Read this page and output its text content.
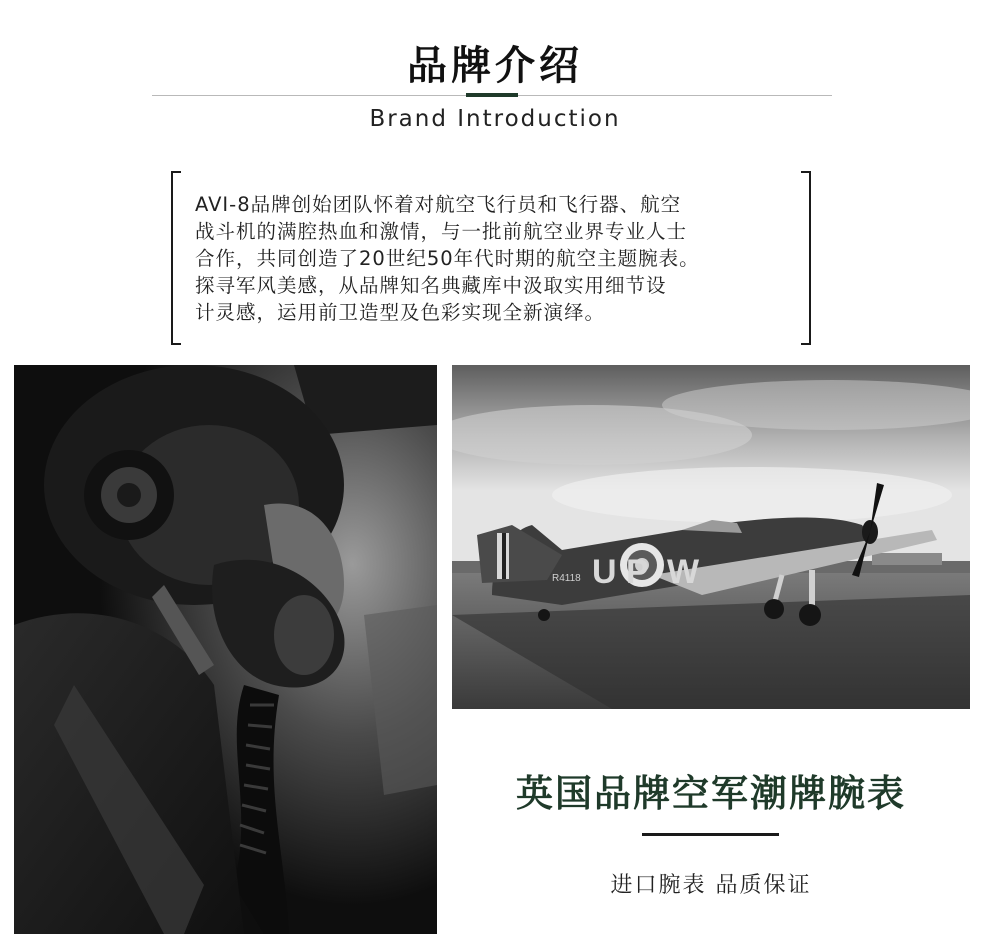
品牌介绍
Brand Introduction
AVI-8品牌创始团队怀着对航空飞行员和飞行器、航空
战斗机的满腔热血和激情，与一批前航空业界专业人士
合作，共同创造了20世纪50年代时期的航空主题腕表。
探寻军风美感，从品牌知名典藏库中汲取实用细节设
计灵感，运用前卫造型及色彩实现全新演绎。
U P W
R4118
英国品牌空军潮牌腕表
进口腕表 品质保证
